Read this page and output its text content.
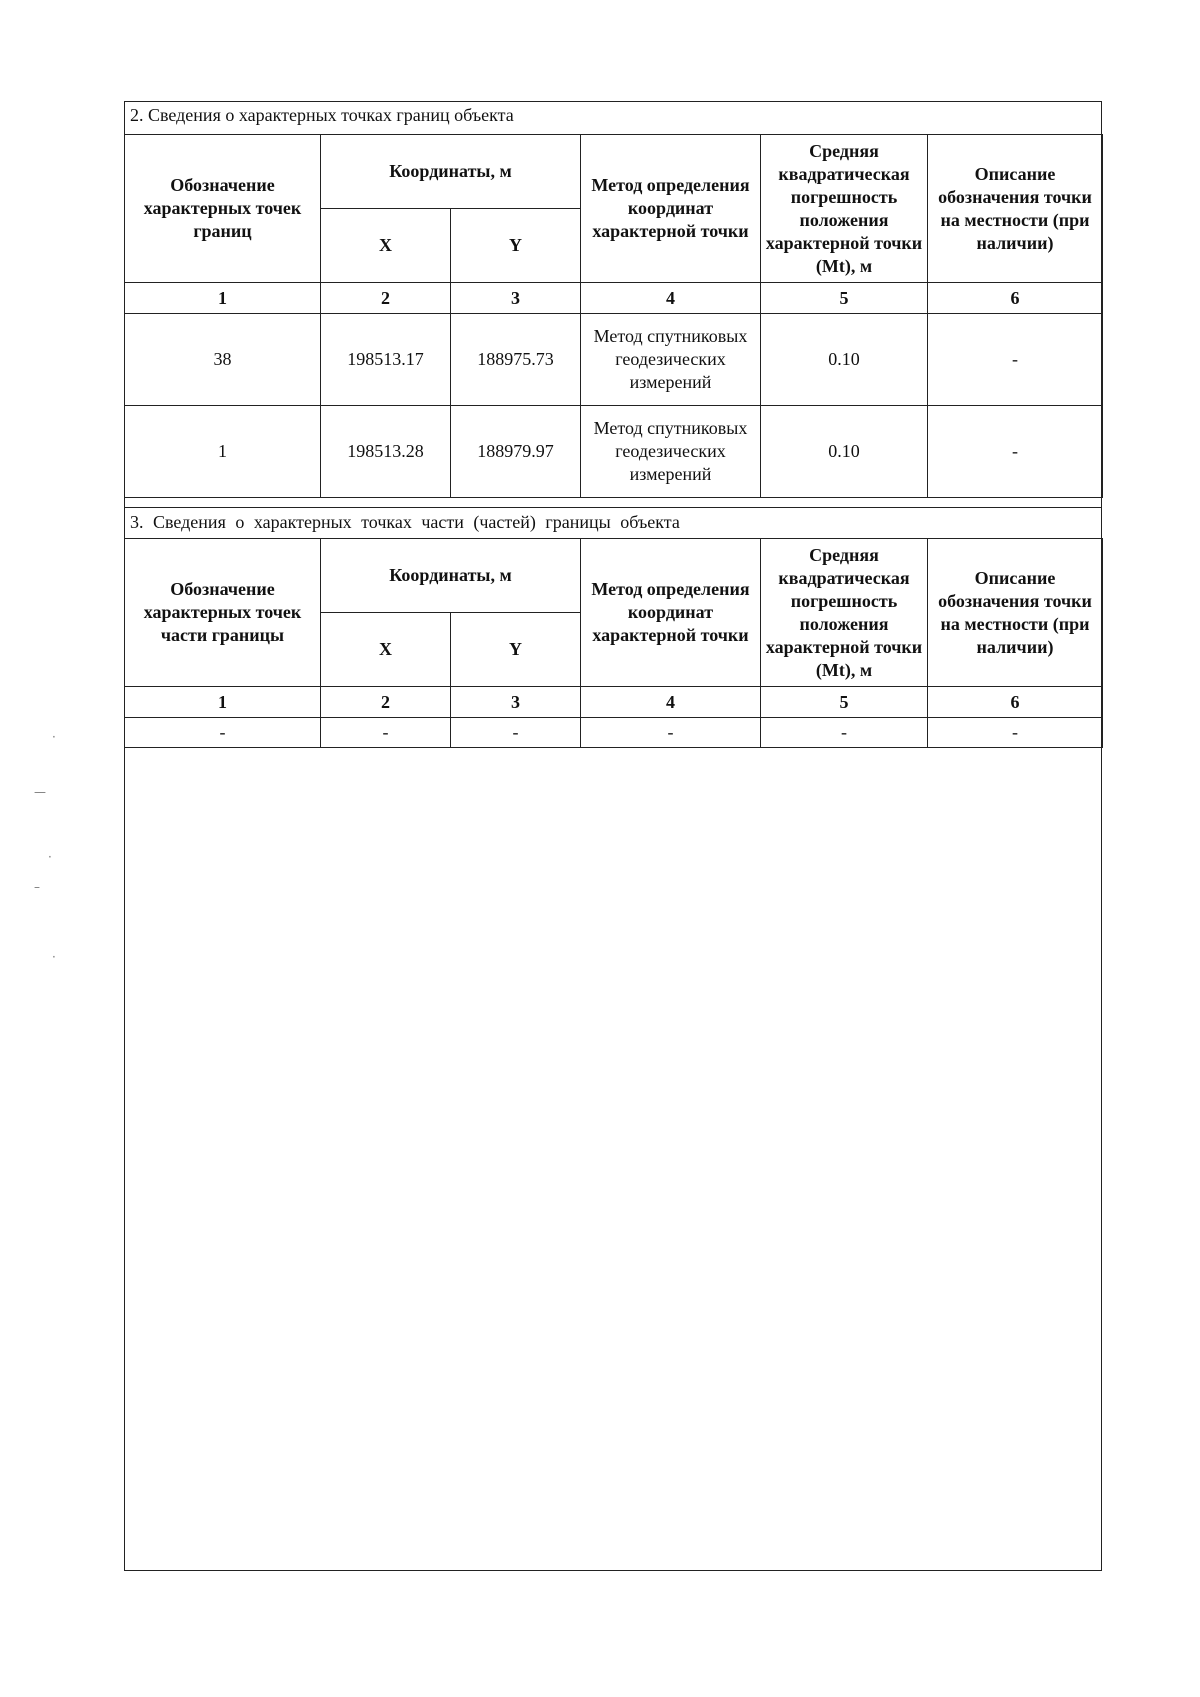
2. Сведения о характерных точках границ объекта
Обозначение характерных точек границ	Координаты, м		Метод определения координат характерной точки	Средняя квадратическая погрешность положения характерной точки (Mt), м	Описание обозначения точки на местности (при наличии)
	X	Y			
1	2	3	4	5	6
38	198513.17	188975.73	Метод спутниковых геодезических измерений	0.10	-
1	198513.28	188979.97	Метод спутниковых геодезических измерений	0.10	-
3. Сведения о характерных точках части (частей) границы объекта
Обозначение характерных точек части границы	Координаты, м		Метод определения координат характерной точки	Средняя квадратическая погрешность положения характерной точки (Mt), м	Описание обозначения точки на местности (при наличии)
	X	Y			
1	2	3	4	5	6
-	-	-	-	-	-
·
—
·
–
·
